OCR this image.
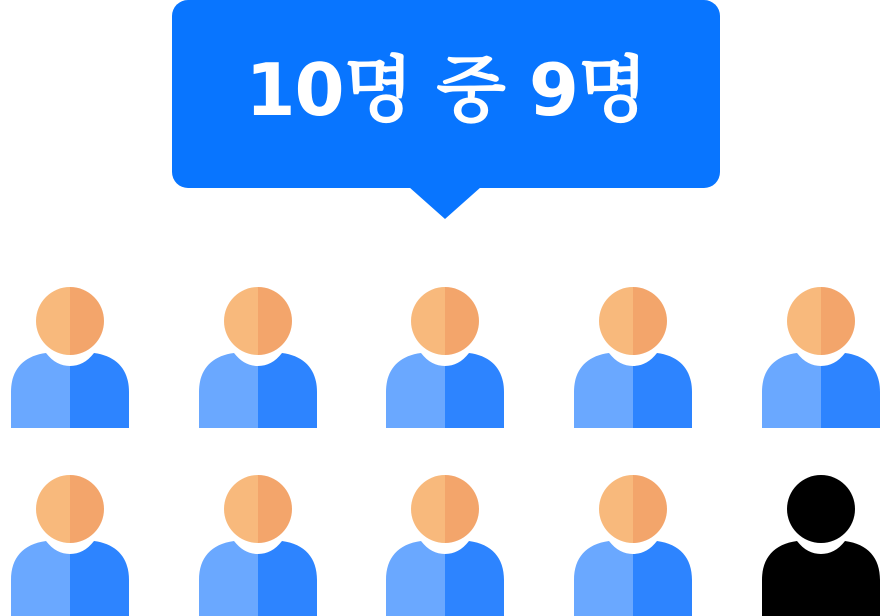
10명 중 9명
